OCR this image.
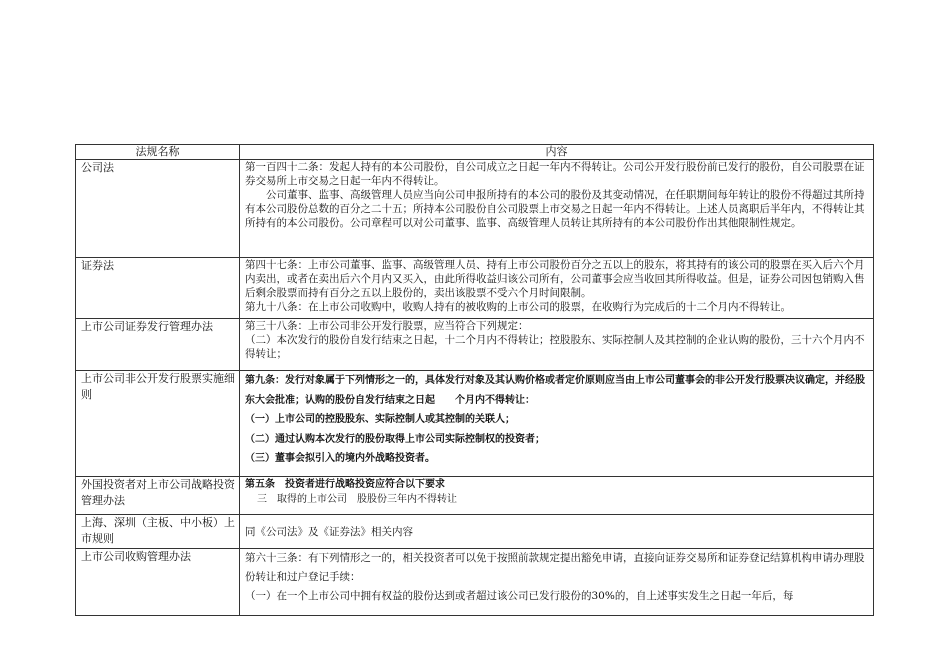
法规名称	内容
公司法	第一百四十二条：发起人持有的本公司股份，自公司成立之日起一年内不得转让。公司公开发行股份前已发行的股份，自公司股票在证券交易所上市交易之日起一年内不得转让。

公司董事、监事、高级管理人员应当向公司申报所持有的本公司的股份及其变动情况，在任职期间每年转让的股份不得超过其所持有本公司股份总数的百分之二十五；所持本公司股份自公司股票上市交易之日起一年内不得转让。上述人员离职后半年内，不得转让其所持有的本公司股份。公司章程可以对公司董事、监事、高级管理人员转让其所持有的本公司股份作出其他限制性规定。

证券法	第四十七条：上市公司董事、监事、高级管理人员、持有上市公司股份百分之五以上的股东，将其持有的该公司的股票在买入后六个月内卖出，或者在卖出后六个月内又买入，由此所得收益归该公司所有，公司董事会应当收回其所得收益。但是，证券公司因包销购入售后剩余股票而持有百分之五以上股份的，卖出该股票不受六个月时间限制。

第九十八条：在上市公司收购中，收购人持有的被收购的上市公司的股票，在收购行为完成后的十二个月内不得转让。

上市公司证券发行管理办法	第三十八条：上市公司非公开发行股票，应当符合下列规定：

（二）本次发行的股份自发行结束之日起，十二个月内不得转让；控股股东、实际控制人及其控制的企业认购的股份，三十六个月内不得转让；

上市公司非公开发行股票实施细则	第九条：发行对象属于下列情形之一的，具体发行对象及其认购价格或者定价原则应当由上市公司董事会的非公开发行股票决议确定，并经股东大会批准；认购的股份自发行结束之日起　　个月内不得转让：

（一）上市公司的控股股东、实际控制人或其控制的关联人；

（二）通过认购本次发行的股份取得上市公司实际控制权的投资者；

（三）董事会拟引入的境内外战略投资者。

外国投资者对上市公司战略投资管理办法	第五条　投资者进行战略投资应符合以下要求

三　取得的上市公司　股股份三年内不得转让

上海、深圳（主板、中小板）上市规则	同《公司法》及《证券法》相关内容

上市公司收购管理办法	第六十三条：有下列情形之一的，相关投资者可以免于按照前款规定提出豁免申请，直接向证券交易所和证券登记结算机构申请办理股份转让和过户登记手续：

（一）在一个上市公司中拥有权益的股份达到或者超过该公司已发行股份的30%的，自上述事实发生之日起一年后，每
